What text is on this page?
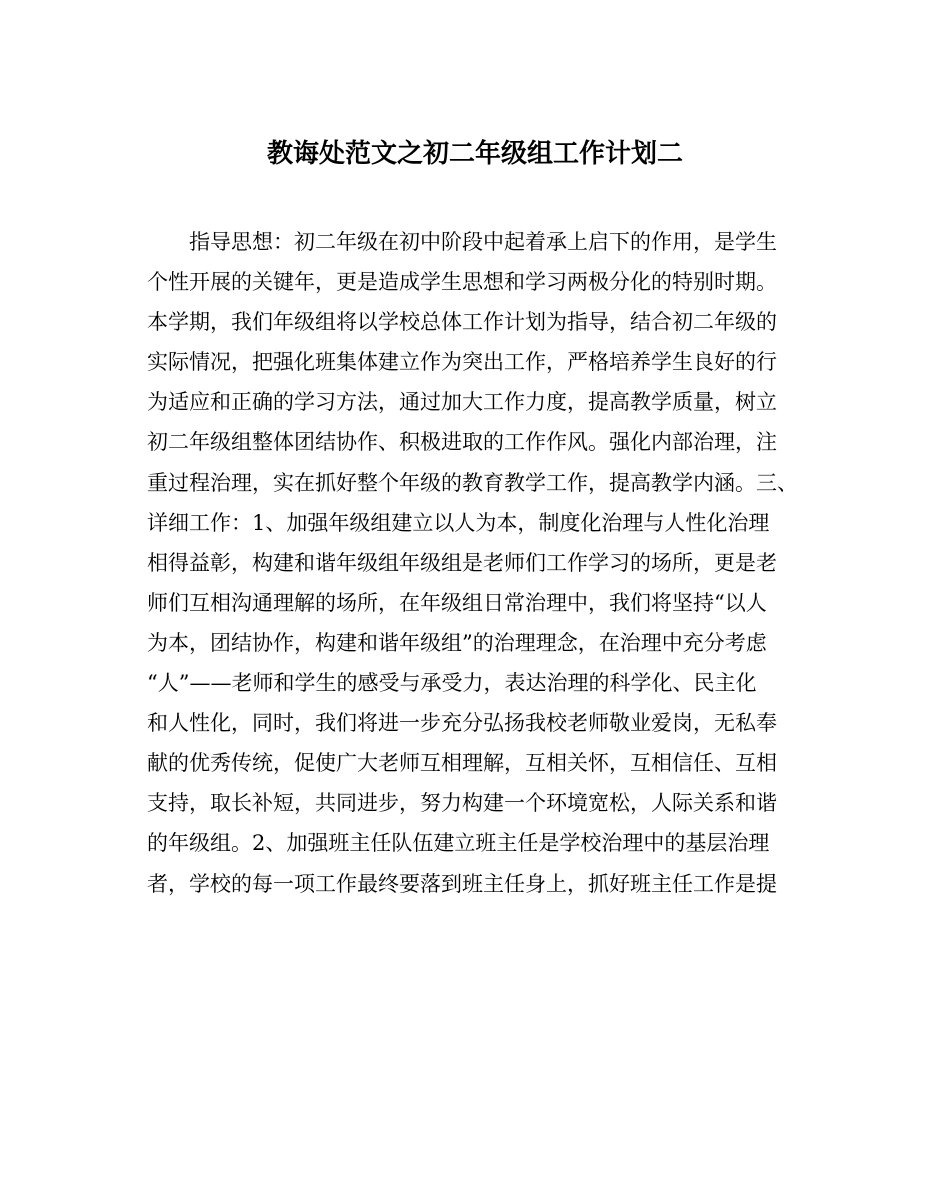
教诲处范文之初二年级组工作计划二
指导思想：初二年级在初中阶段中起着承上启下的作用，是学生
个性开展的关键年，更是造成学生思想和学习两极分化的特别时期。
本学期，我们年级组将以学校总体工作计划为指导，结合初二年级的
实际情况，把强化班集体建立作为突出工作，严格培养学生良好的行
为适应和正确的学习方法，通过加大工作力度，提高教学质量，树立
初二年级组整体团结协作、积极进取的工作作风。强化内部治理，注
重过程治理，实在抓好整个年级的教育教学工作，提高教学内涵。三、
详细工作：1、加强年级组建立以人为本，制度化治理与人性化治理
相得益彰，构建和谐年级组年级组是老师们工作学习的场所，更是老
师们互相沟通理解的场所，在年级组日常治理中，我们将坚持“以人
为本，团结协作，构建和谐年级组”的治理理念，在治理中充分考虑
“人”——老师和学生的感受与承受力，表达治理的科学化、民主化
和人性化，同时，我们将进一步充分弘扬我校老师敬业爱岗，无私奉
献的优秀传统，促使广大老师互相理解，互相关怀，互相信任、互相
支持，取长补短，共同进步，努力构建一个环境宽松，人际关系和谐
的年级组。2、加强班主任队伍建立班主任是学校治理中的基层治理
者，学校的每一项工作最终要落到班主任身上，抓好班主任工作是提
